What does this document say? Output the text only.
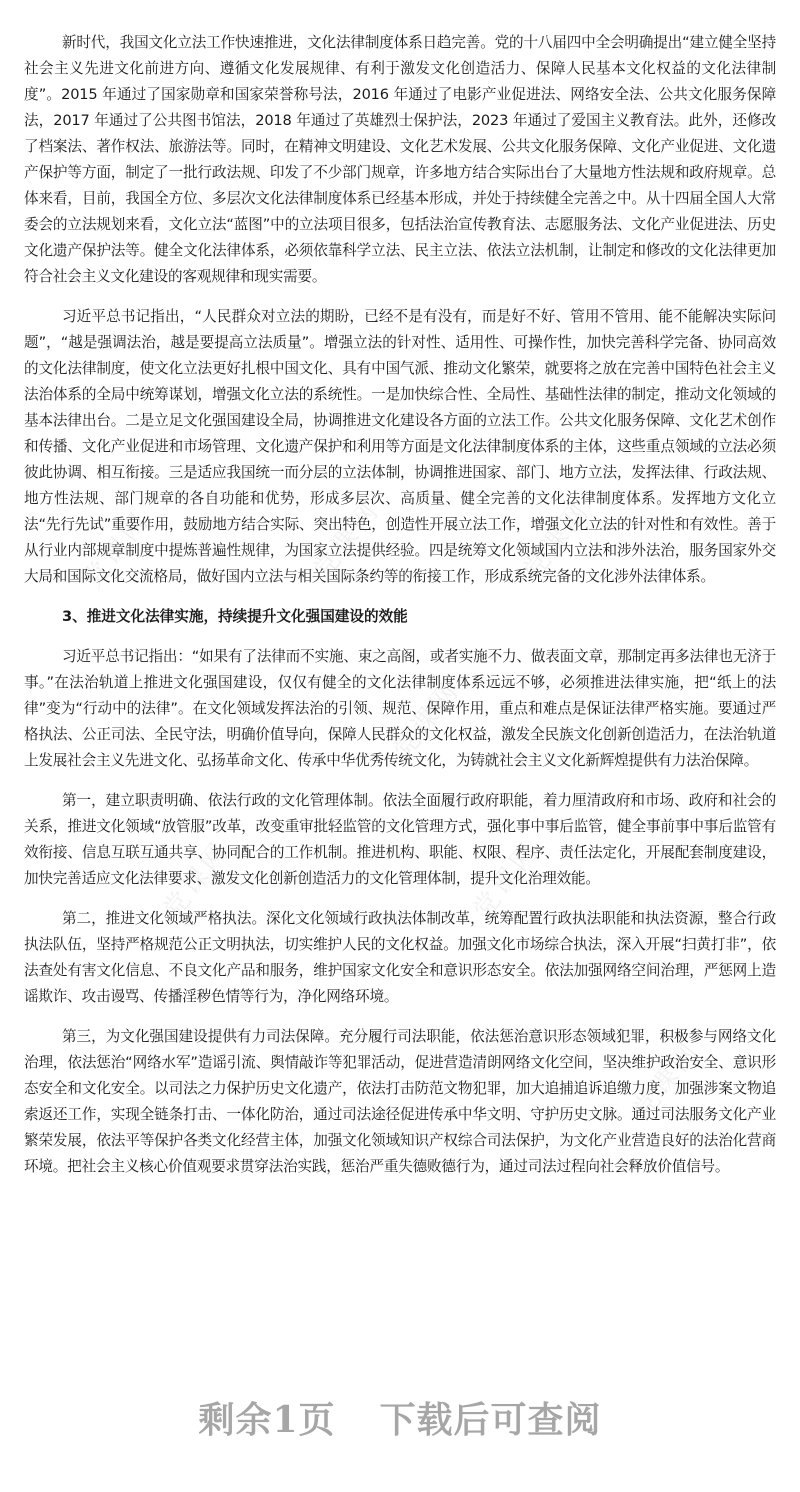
党课网	党课网	党课网
党课网
党课网	党课网
党课网

新时代，我国文化立法工作快速推进，文化法律制度体系日趋完善。党的十八届四中全会明确提出“建立健全坚持社会主义先进文化前进方向、遵循文化发展规律、有利于激发文化创造活力、保障人民基本文化权益的文化法律制度”。2015 年通过了国家勋章和国家荣誉称号法，2016 年通过了电影产业促进法、网络安全法、公共文化服务保障法，2017 年通过了公共图书馆法，2018 年通过了英雄烈士保护法，2023 年通过了爱国主义教育法。此外，还修改了档案法、著作权法、旅游法等。同时，在精神文明建设、文化艺术发展、公共文化服务保障、文化产业促进、文化遗产保护等方面，制定了一批行政法规、印发了不少部门规章，许多地方结合实际出台了大量地方性法规和政府规章。总体来看，目前，我国全方位、多层次文化法律制度体系已经基本形成，并处于持续健全完善之中。从十四届全国人大常委会的立法规划来看，文化立法“蓝图”中的立法项目很多，包括法治宣传教育法、志愿服务法、文化产业促进法、历史文化遗产保护法等。健全文化法律体系，必须依靠科学立法、民主立法、依法立法机制，让制定和修改的文化法律更加符合社会主义文化建设的客观规律和现实需要。

习近平总书记指出，“人民群众对立法的期盼，已经不是有没有，而是好不好、管用不管用、能不能解决实际问题”，“越是强调法治，越是要提高立法质量”。增强立法的针对性、适用性、可操作性，加快完善科学完备、协同高效的文化法律制度，使文化立法更好扎根中国文化、具有中国气派、推动文化繁荣，就要将之放在完善中国特色社会主义法治体系的全局中统筹谋划，增强文化立法的系统性。一是加快综合性、全局性、基础性法律的制定，推动文化领域的基本法律出台。二是立足文化强国建设全局，协调推进文化建设各方面的立法工作。公共文化服务保障、文化艺术创作和传播、文化产业促进和市场管理、文化遗产保护和利用等方面是文化法律制度体系的主体，这些重点领域的立法必须彼此协调、相互衔接。三是适应我国统一而分层的立法体制，协调推进国家、部门、地方立法，发挥法律、行政法规、地方性法规、部门规章的各自功能和优势，形成多层次、高质量、健全完善的文化法律制度体系。发挥地方文化立法“先行先试”重要作用，鼓励地方结合实际、突出特色，创造性开展立法工作，增强文化立法的针对性和有效性。善于从行业内部规章制度中提炼普遍性规律，为国家立法提供经验。四是统筹文化领域国内立法和涉外法治，服务国家外交大局和国际文化交流格局，做好国内立法与相关国际条约等的衔接工作，形成系统完备的文化涉外法律体系。

3、推进文化法律实施，持续提升文化强国建设的效能

习近平总书记指出：“如果有了法律而不实施、束之高阁，或者实施不力、做表面文章，那制定再多法律也无济于事。”在法治轨道上推进文化强国建设，仅仅有健全的文化法律制度体系远远不够，必须推进法律实施，把“纸上的法律”变为“行动中的法律”。在文化领域发挥法治的引领、规范、保障作用，重点和难点是保证法律严格实施。要通过严格执法、公正司法、全民守法，明确价值导向，保障人民群众的文化权益，激发全民族文化创新创造活力，在法治轨道上发展社会主义先进文化、弘扬革命文化、传承中华优秀传统文化，为铸就社会主义文化新辉煌提供有力法治保障。

第一，建立职责明确、依法行政的文化管理体制。依法全面履行政府职能，着力厘清政府和市场、政府和社会的关系，推进文化领域“放管服”改革，改变重审批轻监管的文化管理方式，强化事中事后监管，健全事前事中事后监管有效衔接、信息互联互通共享、协同配合的工作机制。推进机构、职能、权限、程序、责任法定化，开展配套制度建设，加快完善适应文化法律要求、激发文化创新创造活力的文化管理体制，提升文化治理效能。

第二，推进文化领域严格执法。深化文化领域行政执法体制改革，统筹配置行政执法职能和执法资源，整合行政执法队伍，坚持严格规范公正文明执法，切实维护人民的文化权益。加强文化市场综合执法，深入开展“扫黄打非”，依法查处有害文化信息、不良文化产品和服务，维护国家文化安全和意识形态安全。依法加强网络空间治理，严惩网上造谣欺诈、攻击谩骂、传播淫秽色情等行为，净化网络环境。

第三，为文化强国建设提供有力司法保障。充分履行司法职能，依法惩治意识形态领域犯罪，积极参与网络文化治理，依法惩治“网络水军”造谣引流、舆情敲诈等犯罪活动，促进营造清朗网络文化空间，坚决维护政治安全、意识形态安全和文化安全。以司法之力保护历史文化遗产，依法打击防范文物犯罪，加大追捕追诉追缴力度，加强涉案文物追索返还工作，实现全链条打击、一体化防治，通过司法途径促进传承中华文明、守护历史文脉。通过司法服务文化产业繁荣发展，依法平等保护各类文化经营主体，加强文化领域知识产权综合司法保护，为文化产业营造良好的法治化营商环境。把社会主义核心价值观要求贯穿法治实践，惩治严重失德败德行为，通过司法过程向社会释放价值信号。

剩余1页 下载后可查阅
